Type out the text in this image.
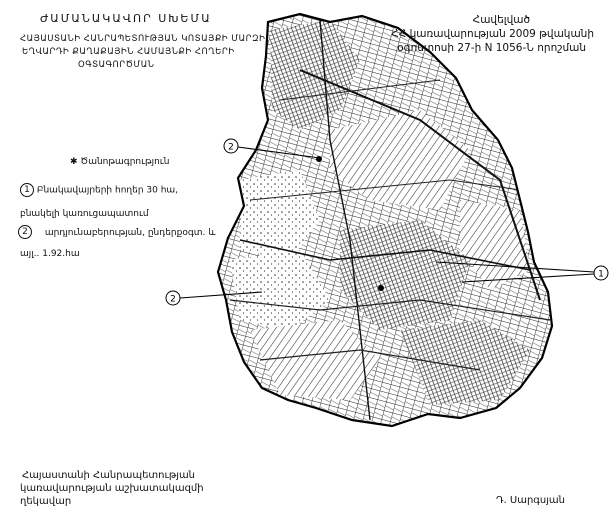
2
2
1
ԺԱՄԱՆԱԿԱՎՈՐ ՍԽԵՄԱ
ՀԱՅԱՍՏԱՆԻ ՀԱՆՐԱՊԵՏՈՒԹՅԱՆ ԿՈՏԱՅՔԻ ՄԱՐԶԻ
ԵՂՎԱՐԴԻ ՔԱՂԱՔԱՅԻՆ ՀԱՄԱՅՆՔԻ ՀՈՂԵՐԻ
ՕԳՏԱԳՈՐԾՄԱՆ
Հավելված
ՀՀ կառավարության 2009 թվականի
օգոստոսի 27-ի N 1056-Ն որոշման
✱ Ծանոթագրություն
1 Բնակավայրերի հողեր 30 հա,
բնակելի կառուցապատում
2 արդյունաբերության, ընդերքօգտ. և
այլ.. 1.92.հա
Հայաստանի Հանրապետության
կառավարության աշխատակազմի
ղեկավար	Դ. Սարգսյան
